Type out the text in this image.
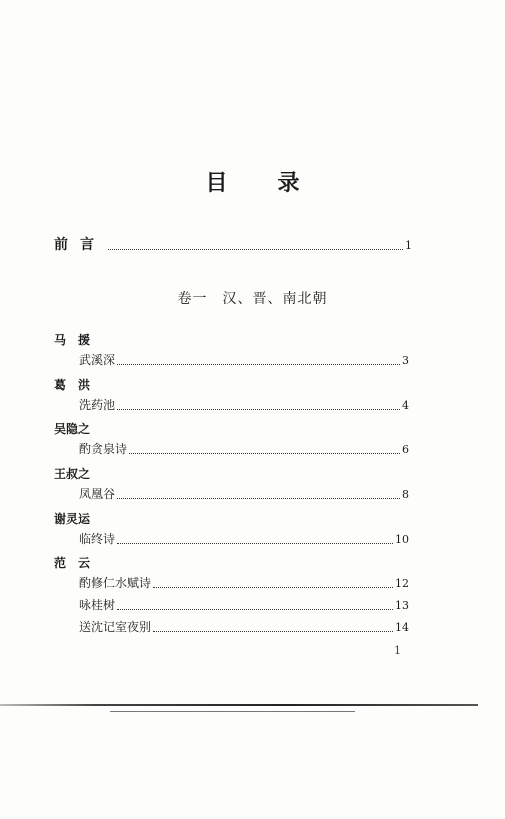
目 录
前言	1
卷一　汉、晋、南北朝
马援
武溪深	3
葛洪
洗药池	4
吴隐之
酌贪泉诗	6
王叔之
凤凰谷	8
谢灵运
临终诗	10
范云
酌修仁水赋诗	12
咏桂树	13
送沈记室夜别	14
1
